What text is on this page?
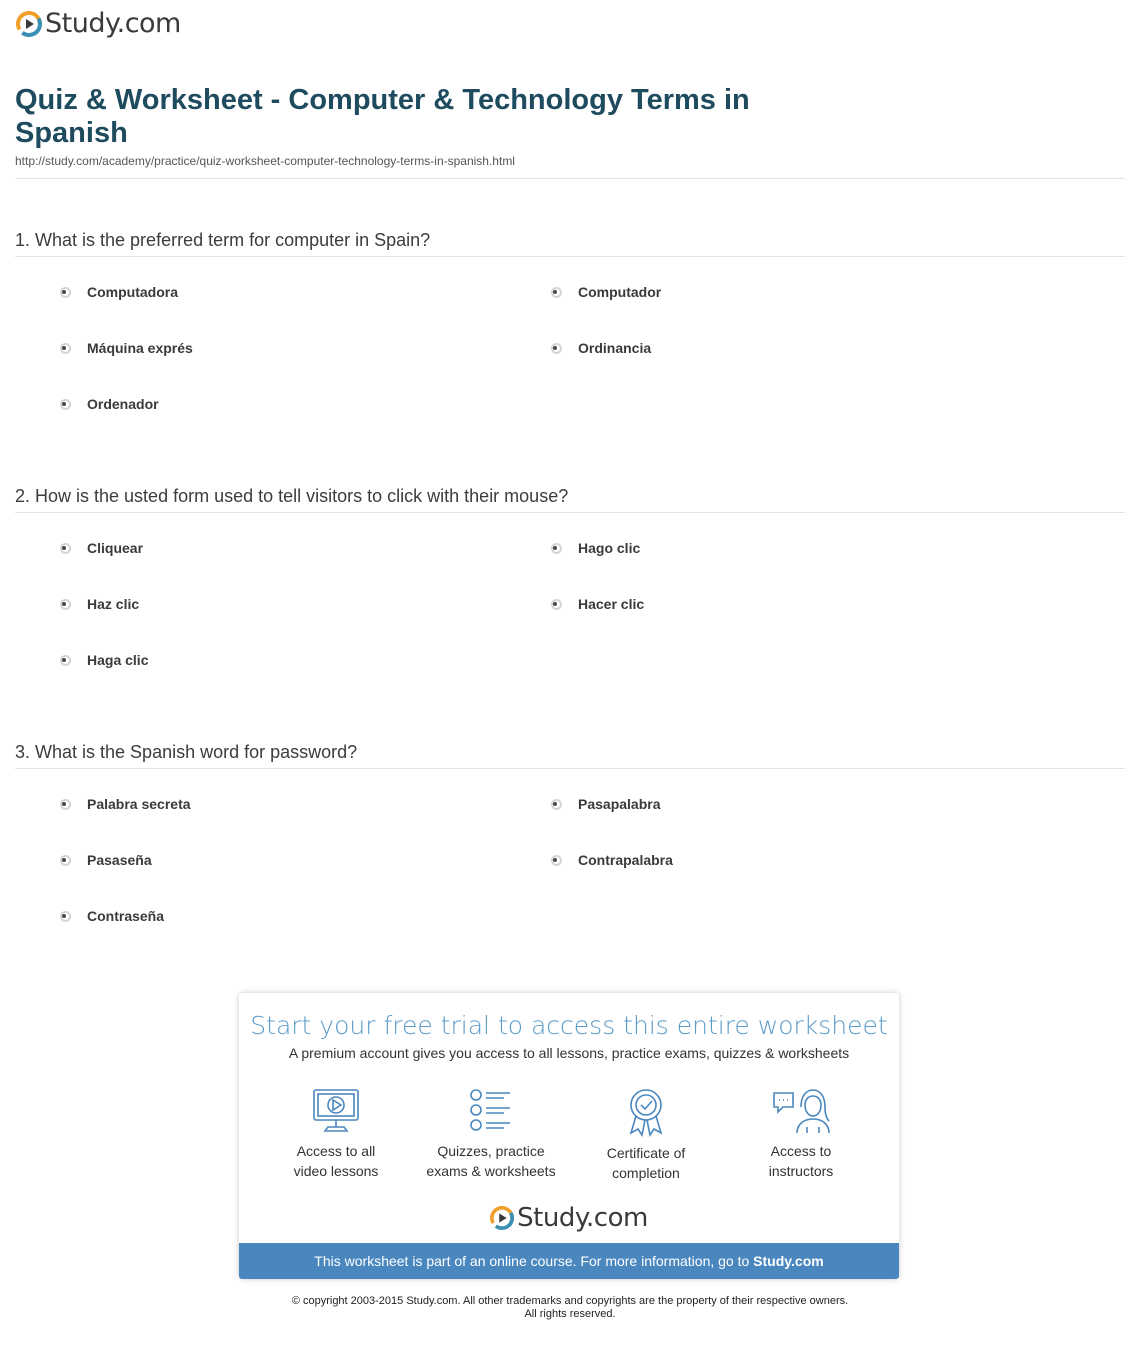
Study.com
Quiz & Worksheet - Computer & Technology Terms in Spanish
http://study.com/academy/practice/quiz-worksheet-computer-technology-terms-in-spanish.html
1. What is the preferred term for computer in Spain?
Computadora	Computador
Máquina exprés	Ordinancia
Ordenador
2. How is the usted form used to tell visitors to click with their mouse?
Cliquear	Hago clic
Haz clic	Hacer clic
Haga clic
3. What is the Spanish word for password?
Palabra secreta	Pasapalabra
Pasaseña	Contrapalabra
Contraseña
Start your free trial to access this entire worksheet
A premium account gives you access to all lessons, practice exams, quizzes & worksheets
Access to all
video lessons
Quizzes, practice
exams & worksheets
Certificate of
completion
Access to
instructors
Study.com
This worksheet is part of an online course. For more information, go to Study.com
© copyright 2003-2015 Study.com. All other trademarks and copyrights are the property of their respective owners.
All rights reserved.
